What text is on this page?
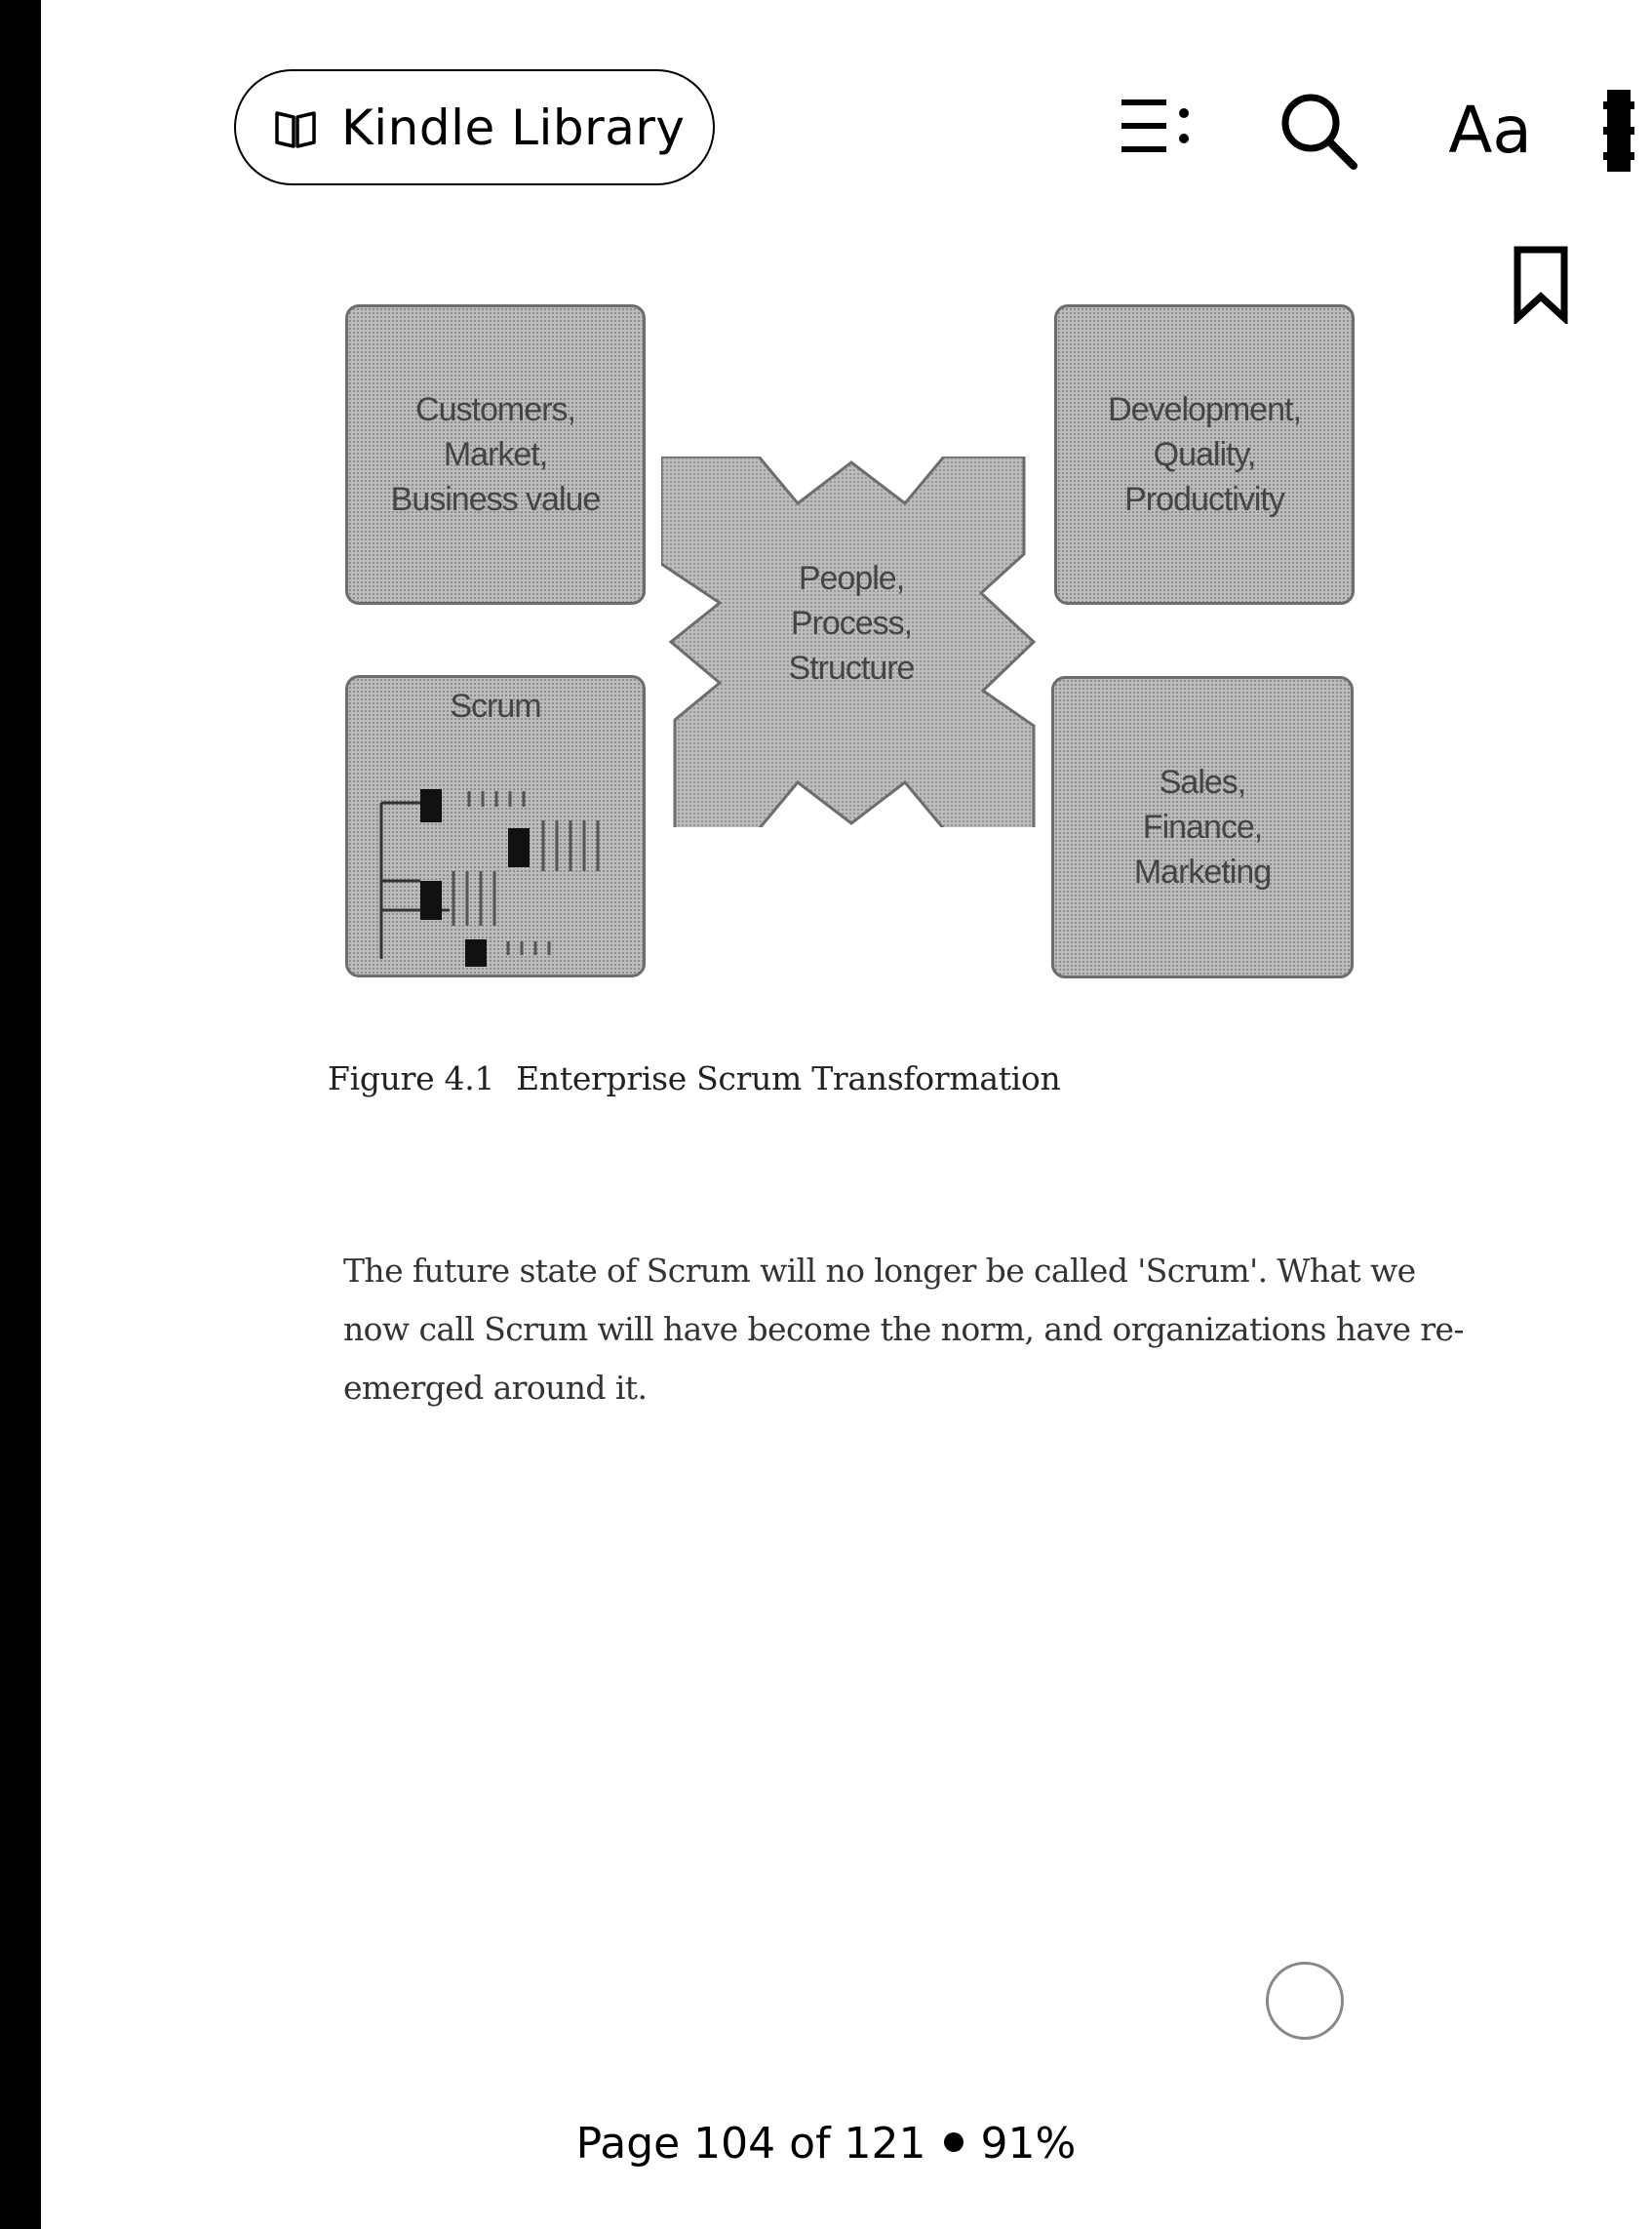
Kindle Library	Aa
People,
Process,
Structure
Customers,
Market,
Business value
Development,
Quality,
Productivity
Scrum
Sales,
Finance,
Marketing
Figure 4.1 Enterprise Scrum Transformation
The future state of Scrum will no longer be called 'Scrum'. What we
now call Scrum will have become the norm, and organizations have re-
emerged around it.
Page 104 of 121 91%
